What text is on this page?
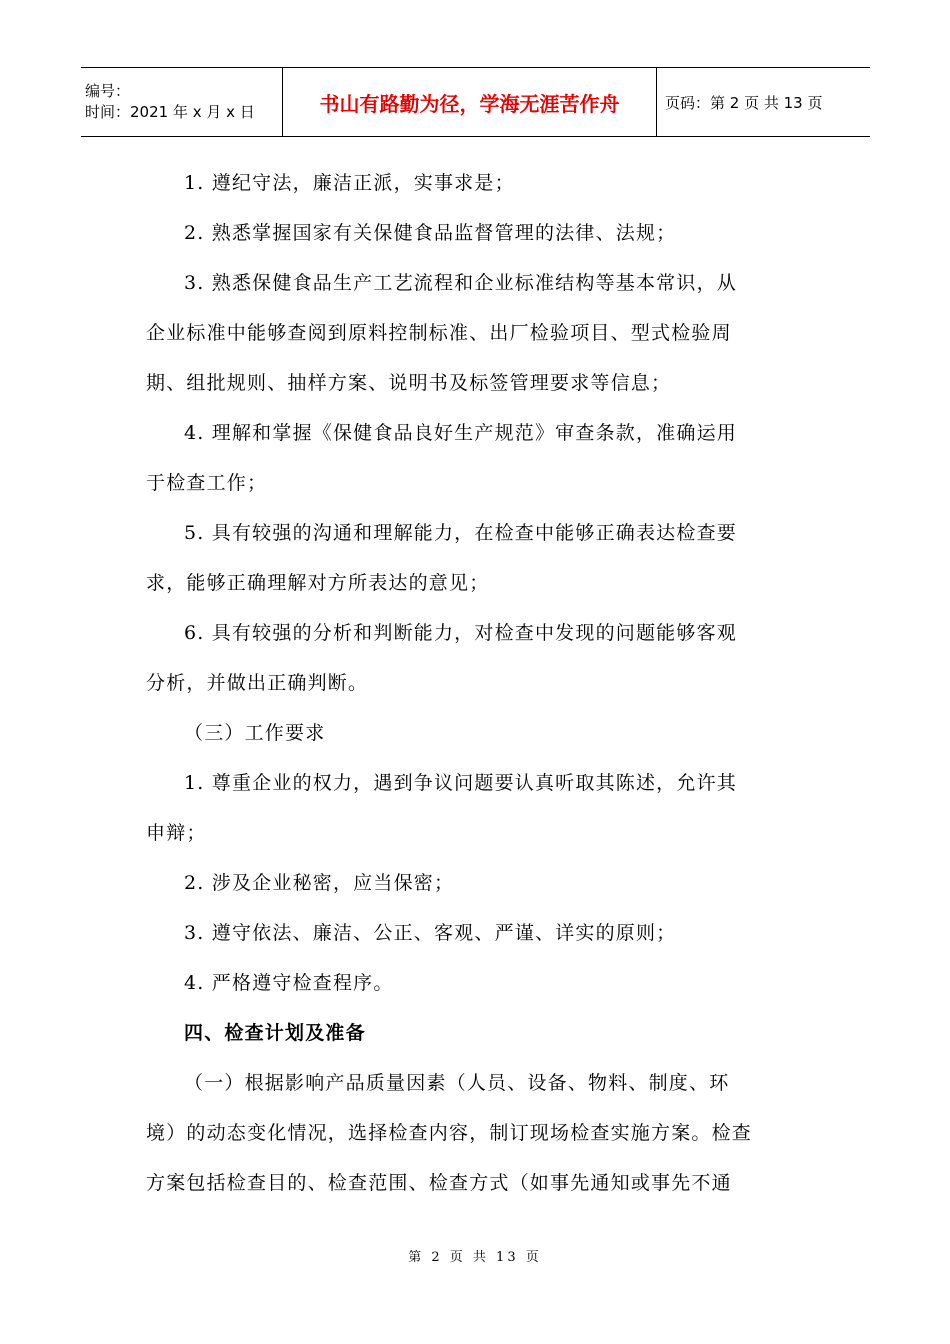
编号：
时间：2021 年 x 月 x 日	书山有路勤为径，学海无涯苦作舟	页码：第 2 页 共 13 页

1. 遵纪守法，廉洁正派，实事求是；

2. 熟悉掌握国家有关保健食品监督管理的法律、法规；

3. 熟悉保健食品生产工艺流程和企业标准结构等基本常识，从

企业标准中能够查阅到原料控制标准、出厂检验项目、型式检验周

期、组批规则、抽样方案、说明书及标签管理要求等信息；

4. 理解和掌握《保健食品良好生产规范》审查条款，准确运用

于检查工作；

5. 具有较强的沟通和理解能力，在检查中能够正确表达检查要

求，能够正确理解对方所表达的意见；

6. 具有较强的分析和判断能力，对检查中发现的问题能够客观

分析，并做出正确判断。

（三）工作要求

1. 尊重企业的权力，遇到争议问题要认真听取其陈述，允许其

申辩；

2. 涉及企业秘密，应当保密；

3. 遵守依法、廉洁、公正、客观、严谨、详实的原则；

4. 严格遵守检查程序。

四、检查计划及准备

（一）根据影响产品质量因素（人员、设备、物料、制度、环

境）的动态变化情况，选择检查内容，制订现场检查实施方案。检查

方案包括检查目的、检查范围、检查方式（如事先通知或事先不通

第 2 页 共 13 页
